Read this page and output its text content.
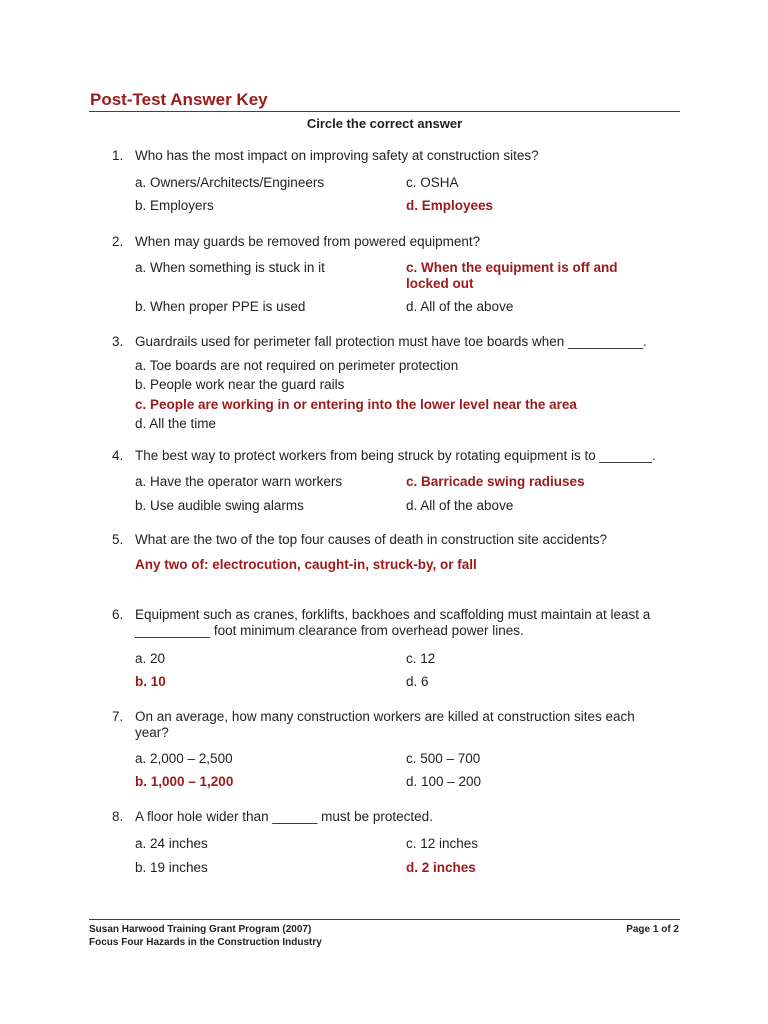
Post-Test Answer Key
Circle the correct answer
1. Who has the most impact on improving safety at construction sites?
a. Owners/Architects/Engineers
b. Employers
c. OSHA
d. Employees
2. When may guards be removed from powered equipment?
a. When something is stuck in it
b. When proper PPE is used
c. When the equipment is off and locked out
d. All of the above
3. Guardrails used for perimeter fall protection must have toe boards when __________.
a. Toe boards are not required on perimeter protection
b. People work near the guard rails
c. People are working in or entering into the lower level near the area
d. All the time
4. The best way to protect workers from being struck by rotating equipment is to _______.
a. Have the operator warn workers
b. Use audible swing alarms
c. Barricade swing radiuses
d. All of the above
5. What are the two of the top four causes of death in construction site accidents?
Any two of: electrocution, caught-in, struck-by, or fall
6. Equipment such as cranes, forklifts, backhoes and scaffolding must maintain at least a __________ foot minimum clearance from overhead power lines.
a. 20
b. 10
c. 12
d. 6
7. On an average, how many construction workers are killed at construction sites each year?
a. 2,000 – 2,500
b. 1,000 – 1,200
c. 500 – 700
d. 100 – 200
8. A floor hole wider than ______ must be protected.
a. 24 inches
b. 19 inches
c. 12 inches
d. 2 inches
Susan Harwood Training Grant Program (2007)
Focus Four Hazards in the Construction Industry
Page 1 of 2
